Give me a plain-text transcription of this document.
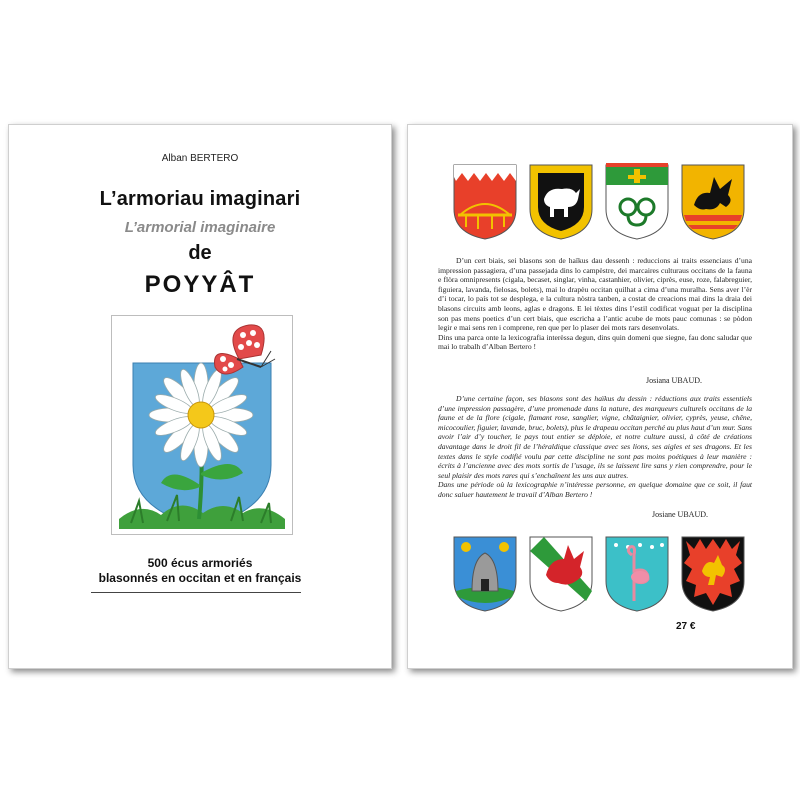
Alban BERTERO
L’armoriau imaginari
L’armorial imaginaire
de
POYYÂT
500 écus armoriés
blasonnés en occitan et en français
D’un cert biais, sei blasons son de haïkus dau dessenh : reduccions ai traits essenciaus d’una impression passagiera, d’una passejada dins lo campèstre, dei marcaires culturaus occitans de la fauna e flòra omnipresents (cigala, becaset, singlar, vinha, castanhier, olivier, ciprès, euse, roze, falabreguier, figuiera, lavanda, fielosas, bolets), mai lo drapèu occitan quilhat a cima d’una muralha. Sens aver l’èr d’i tocar, lo país tot se desplega, e la cultura nòstra tanben, a costat de creacions mai dins la draia dei blasons circuits amb leons, aglas e dragons. E lei tèxtes dins l’estil codificat voguat per la disciplina son pas mens poetics d’un cert biais, que escricha a l’antic acube de mots pauc comunas : se pòdon legir e mai sens ren i comprene, ren que per lo plaser dei mots rars desenvolats.
Dins una parca onte la lexicografia interèssa degun, dins quin domeni que siegne, fau donc saludar que mai lo trabalh d’Alban Bertero !
Josiana UBAUD.
D’une certaine façon, ses blasons sont des haïkus du dessin : réductions aux traits essentiels d’une impression passagère, d’une promenade dans la nature, des marqueurs culturels occitans de la faune et de la flore (cigale, flamant rose, sanglier, vigne, châtaignier, olivier, cyprès, yeuse, chêne, micocoulier, figuier, lavande, bruc, bolets), plus le drapeau occitan perché au plus haut d’un mur. Sans avoir l’air d’y toucher, le pays tout entier se déploie, et notre culture aussi, à côté de créations davantage dans le droit fil de l’héraldique classique avec ses lions, ses aigles et ses dragons. Et les textes dans le style codifié voulu par cette discipline ne sont pas moins poétiques à leur manière : écrits à l’ancienne avec des mots sortis de l’usage, ils se laissent lire sans y rien comprendre, pour le seul plaisir des mots rares qui s’enchaînent les uns aux autres.
Dans une période où la lexicographie n’intéresse personne, en quelque domaine que ce soit, il faut donc saluer hautement le travail d’Alban Bertero !
Josiane UBAUD.
27 €
